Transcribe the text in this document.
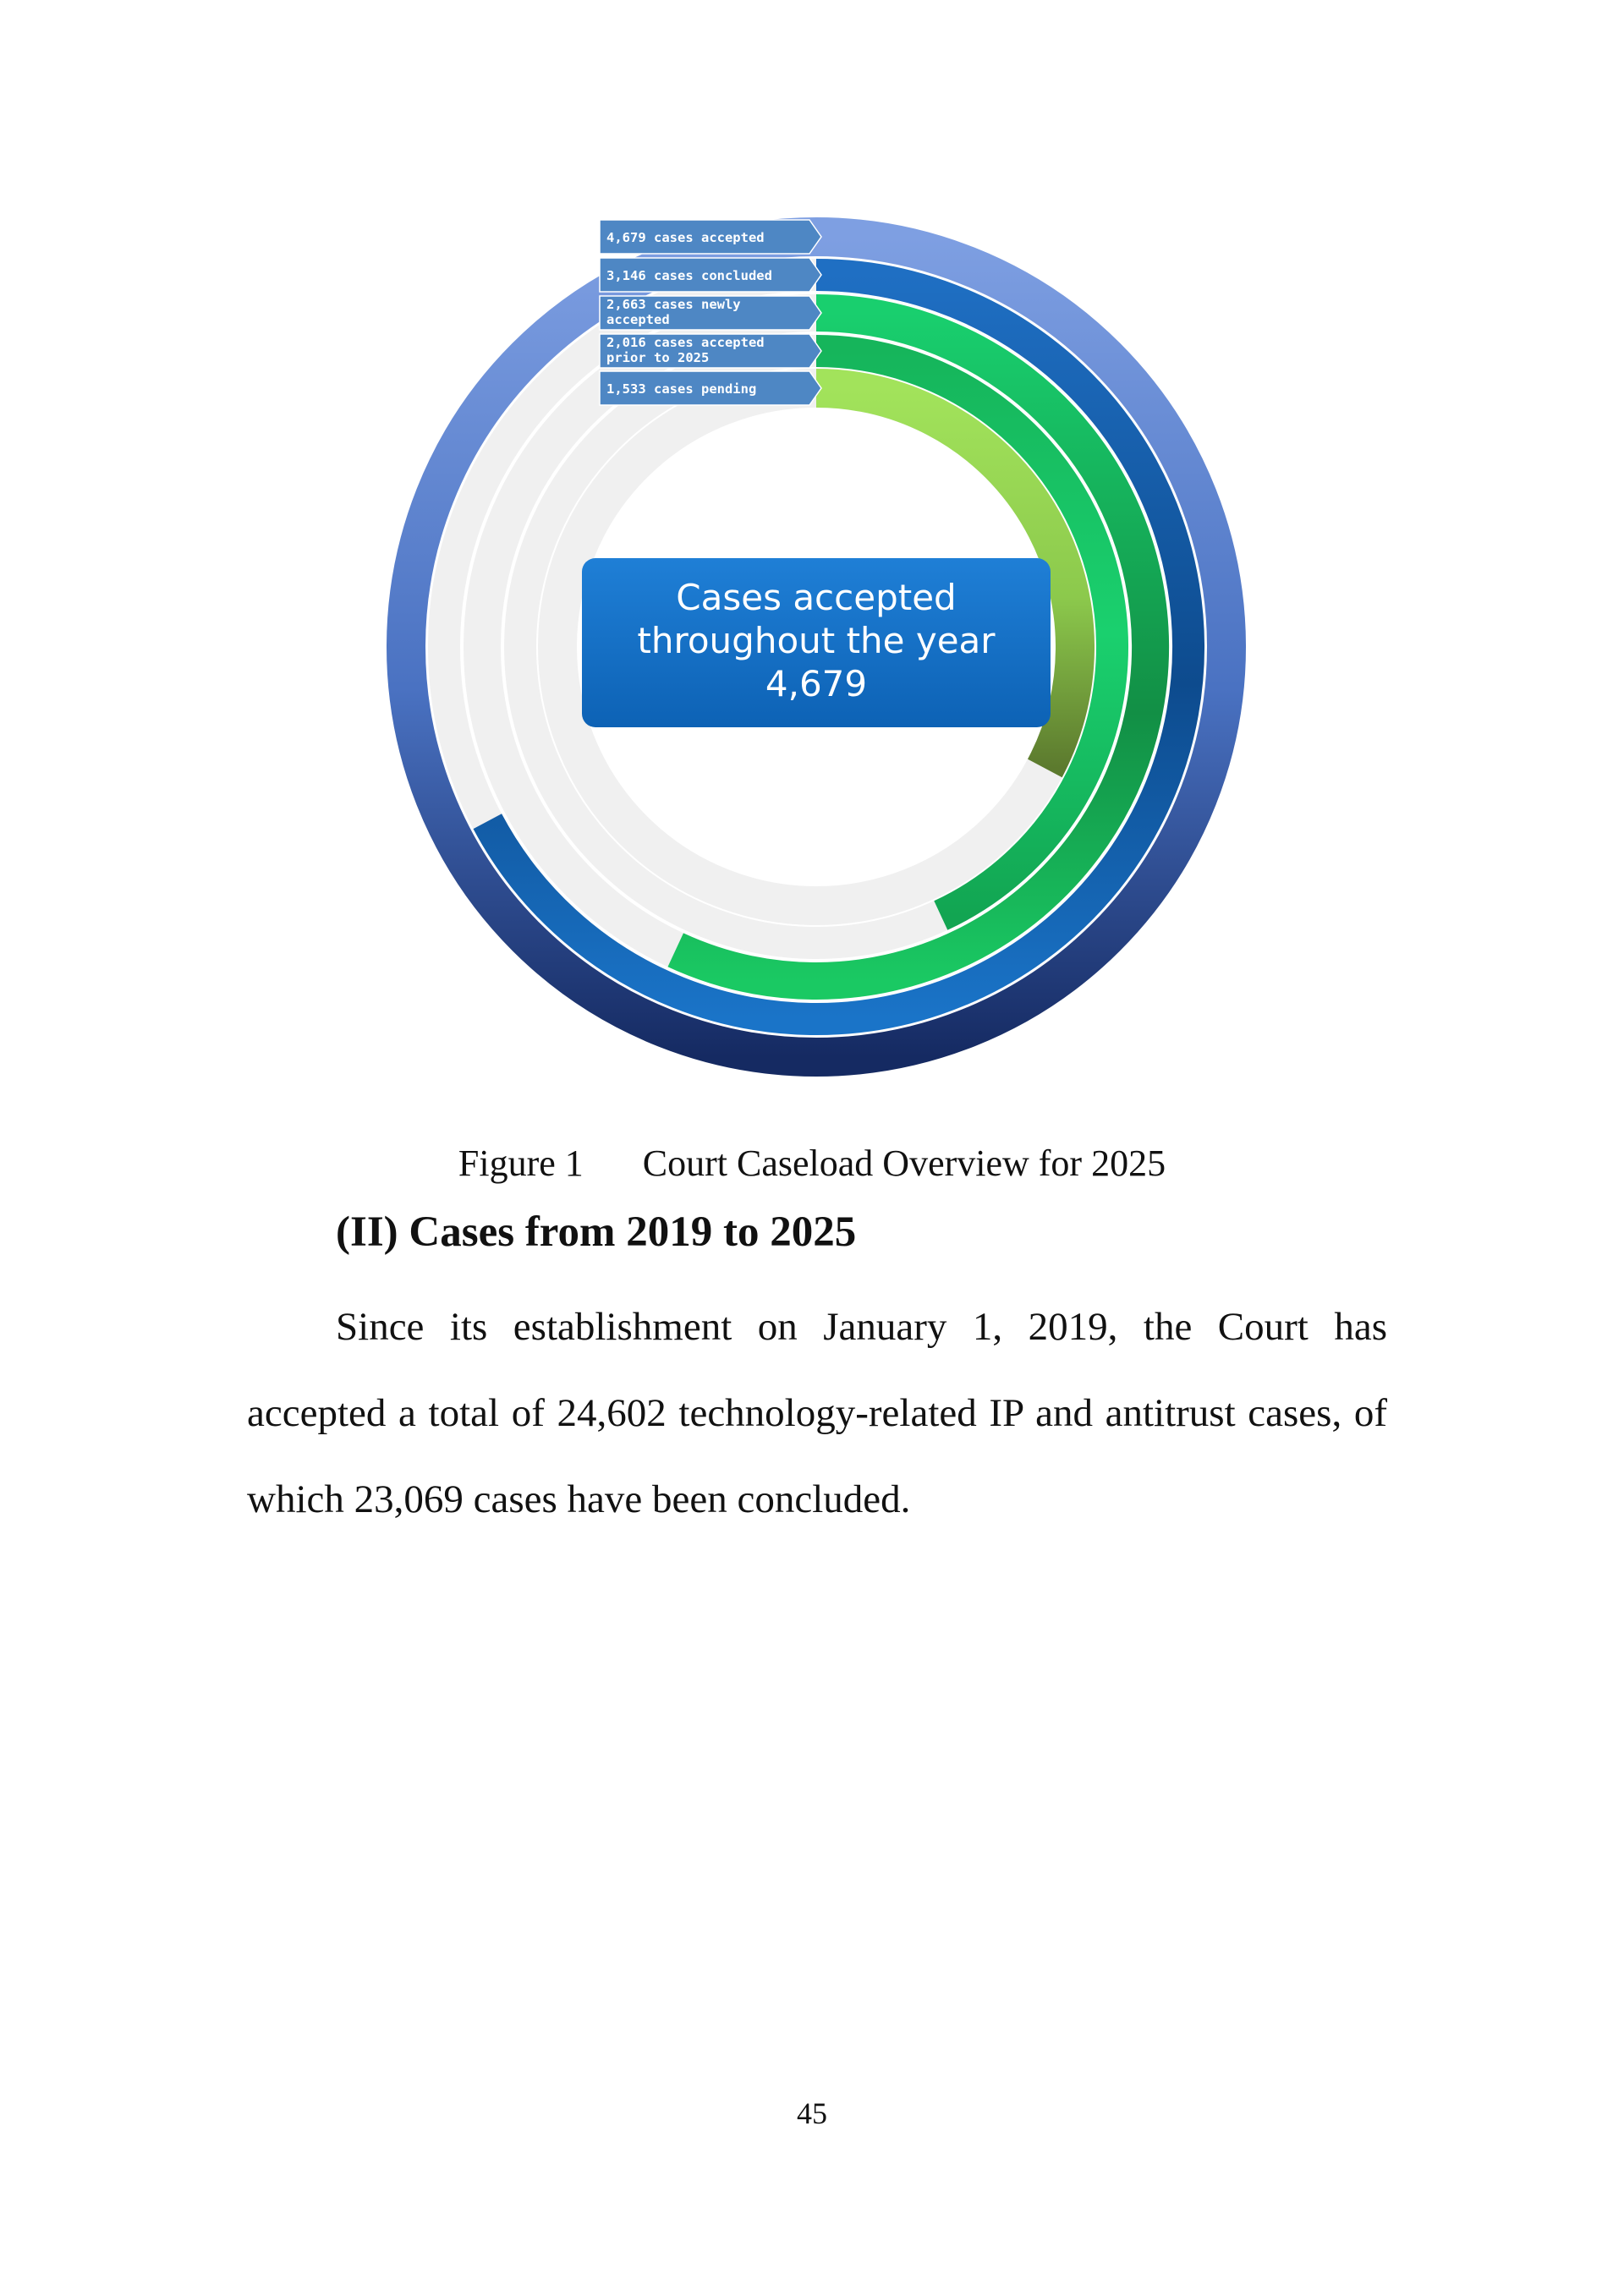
4,679 cases accepted
3,146 cases concluded
2,663 cases newly
accepted
2,016 cases accepted
prior to 2025
1,533 cases pending
Cases accepted
throughout the year
4,679
Figure 1 Court Caseload Overview for 2025
(II) Cases from 2019 to 2025
Since its establishment on January 1, 2019, the Court has accepted a total of 24,602 technology-related IP and antitrust cases, of which 23,069 cases have been concluded.
45
